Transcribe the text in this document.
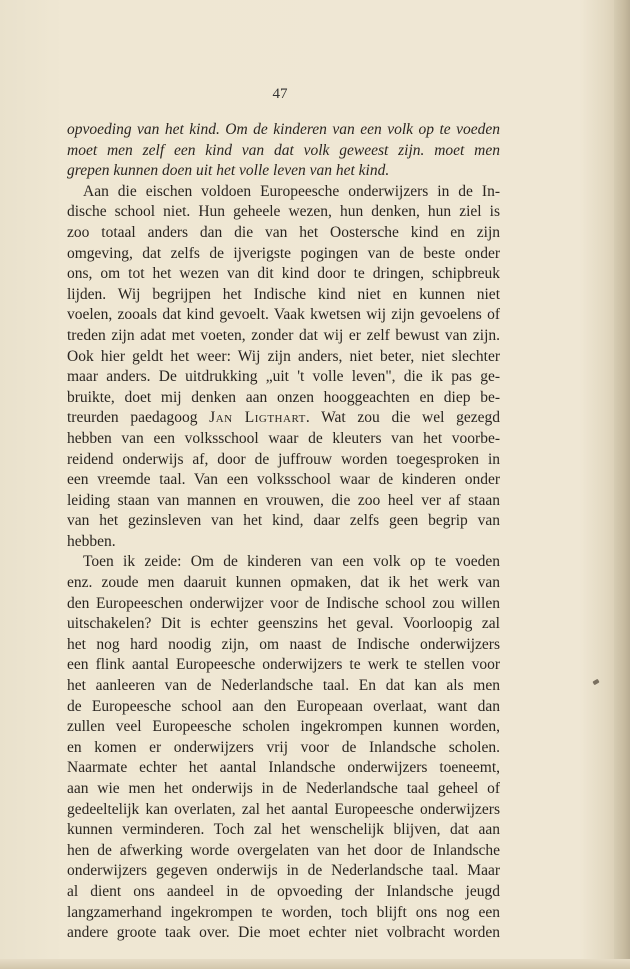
47
opvoeding van het kind. Om de kinderen van een volk op te voeden
moet men zelf een kind van dat volk geweest zijn. moet men
grepen kunnen doen uit het volle leven van het kind.
Aan die eischen voldoen Europeesche onderwijzers in de In-
dische school niet. Hun geheele wezen, hun denken, hun ziel is
zoo totaal anders dan die van het Oostersche kind en zijn
omgeving, dat zelfs de ijverigste pogingen van de beste onder
ons, om tot het wezen van dit kind door te dringen, schipbreuk
lijden. Wij begrijpen het Indische kind niet en kunnen niet
voelen, zooals dat kind gevoelt. Vaak kwetsen wij zijn gevoelens of
treden zijn adat met voeten, zonder dat wij er zelf bewust van zijn.
Ook hier geldt het weer: Wij zijn anders, niet beter, niet slechter
maar anders. De uitdrukking „uit 't volle leven", die ik pas ge-
bruikte, doet mij denken aan onzen hooggeachten en diep be-
treurden paedagoog Jan Ligthart. Wat zou die wel gezegd
hebben van een volksschool waar de kleuters van het voorbe-
reidend onderwijs af, door de juffrouw worden toegesproken in
een vreemde taal. Van een volksschool waar de kinderen onder
leiding staan van mannen en vrouwen, die zoo heel ver af staan
van het gezinsleven van het kind, daar zelfs geen begrip van
hebben.
Toen ik zeide: Om de kinderen van een volk op te voeden
enz. zoude men daaruit kunnen opmaken, dat ik het werk van
den Europeeschen onderwijzer voor de Indische school zou willen
uitschakelen? Dit is echter geenszins het geval. Voorloopig zal
het nog hard noodig zijn, om naast de Indische onderwijzers
een flink aantal Europeesche onderwijzers te werk te stellen voor
het aanleeren van de Nederlandsche taal. En dat kan als men
de Europeesche school aan den Europeaan overlaat, want dan
zullen veel Europeesche scholen ingekrompen kunnen worden,
en komen er onderwijzers vrij voor de Inlandsche scholen.
Naarmate echter het aantal Inlandsche onderwijzers toeneemt,
aan wie men het onderwijs in de Nederlandsche taal geheel of
gedeeltelijk kan overlaten, zal het aantal Europeesche onderwijzers
kunnen verminderen. Toch zal het wenschelijk blijven, dat aan
hen de afwerking worde overgelaten van het door de Inlandsche
onderwijzers gegeven onderwijs in de Nederlandsche taal. Maar
al dient ons aandeel in de opvoeding der Inlandsche jeugd
langzamerhand ingekrompen te worden, toch blijft ons nog een
andere groote taak over. Die moet echter niet volbracht worden
